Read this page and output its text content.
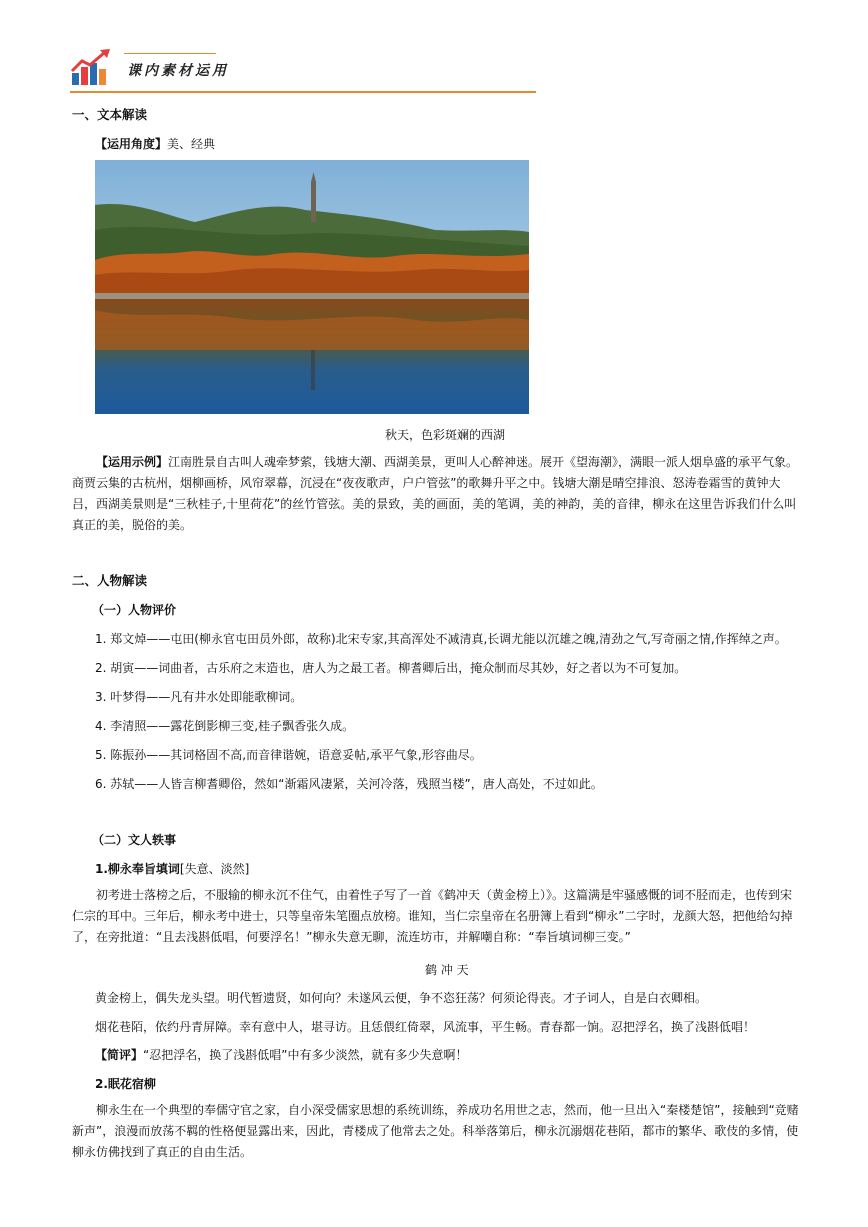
课内素材运用
一、文本解读
【运用角度】美、经典
秋天，色彩斑斓的西湖

【运用示例】江南胜景自古叫人魂牵梦萦，钱塘大潮、西湖美景，更叫人心醉神迷。展开《望海潮》，满眼一派人烟阜盛的承平气象。商贾云集的古杭州，烟柳画桥，风帘翠幕，沉浸在“夜夜歌声，户户管弦”的歌舞升平之中。钱塘大潮是晴空排浪、怒涛卷霜雪的黄钟大吕，西湖美景则是“三秋桂子,十里荷花”的丝竹管弦。美的景致，美的画面，美的笔调，美的神韵，美的音律，柳永在这里告诉我们什么叫真正的美，脱俗的美。

二、人物解读
（一）人物评价
1. 郑文焯——屯田(柳永官屯田员外郎，故称)北宋专家,其高浑处不减清真,长调尤能以沉雄之魄,清劲之气,写奇丽之情,作挥绰之声。
2. 胡寅——词曲者，古乐府之末造也，唐人为之最工者。柳耆卿后出，掩众制而尽其妙，好之者以为不可复加。
3. 叶梦得——凡有井水处即能歌柳词。
4. 李清照——露花倒影柳三变,桂子飘香张久成。
5. 陈振孙——其词格固不高,而音律谐婉，语意妥帖,承平气象,形容曲尽。
6. 苏轼——人皆言柳耆卿俗，然如“渐霜风凄紧，关河冷落，残照当楼”，唐人高处，不过如此。
（二）文人轶事
1.柳永奉旨填词[失意、淡然]

初考进士落榜之后，不服输的柳永沉不住气，由着性子写了一首《鹤冲天（黄金榜上）》。这篇满是牢骚感慨的词不胫而走，也传到宋仁宗的耳中。三年后，柳永考中进士，只等皇帝朱笔圈点放榜。谁知，当仁宗皇帝在名册簿上看到“柳永”二字时，龙颜大怒，把他给勾掉了，在旁批道：“且去浅斟低唱，何要浮名！”柳永失意无聊，流连坊市，并解嘲自称：“奉旨填词柳三变。”

鹤 冲 天
黄金榜上，偶失龙头望。明代暂遗贤，如何向？未遂风云便，争不恣狂荡？何须论得丧。才子词人，自是白衣卿相。
烟花巷陌，依约丹青屏障。幸有意中人，堪寻访。且恁偎红倚翠，风流事，平生畅。青春都一饷。忍把浮名，换了浅斟低唱！
【简评】“忍把浮名，换了浅斟低唱”中有多少淡然，就有多少失意啊！
2.眠花宿柳

柳永生在一个典型的奉儒守官之家，自小深受儒家思想的系统训练，养成功名用世之志，然而，他一旦出入“秦楼楚馆”，接触到“竞赌新声”，浪漫而放荡不羁的性格便显露出来，因此，青楼成了他常去之处。科举落第后，柳永沉溺烟花巷陌，都市的繁华、歌伎的多情，使柳永仿佛找到了真正的自由生活。
